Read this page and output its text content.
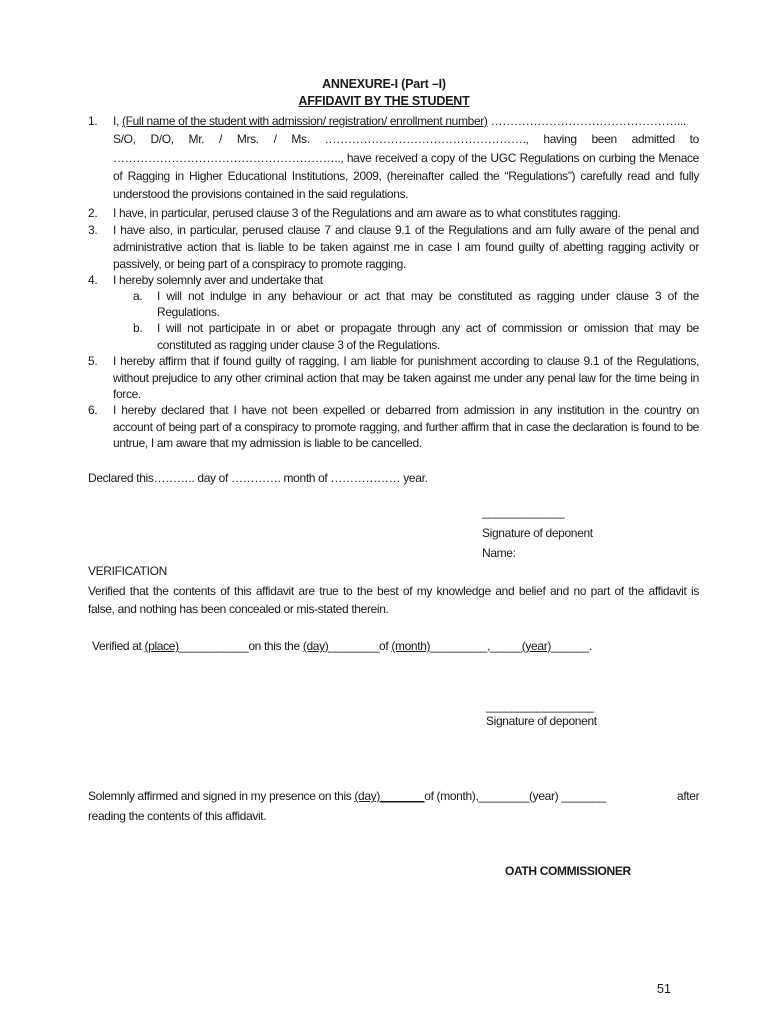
ANNEXURE-I (Part –I)
AFFIDAVIT BY THE STUDENT
1. I, (Full name of the student with admission/ registration/ enrollment number) …………………………………………...
S/O, D/O, Mr. / Mrs. / Ms. ……………………………………………., having been admitted to
………………………………………………….., have received a copy of the UGC Regulations on curbing the Menace
of Ragging in Higher Educational Institutions, 2009, (hereinafter called the “Regulations”) carefully read and fully
understood the provisions contained in the said regulations.
2. I have, in particular, perused clause 3 of the Regulations and am aware as to what constitutes ragging.
3. I have also, in particular, perused clause 7 and clause 9.1 of the Regulations and am fully aware of the penal and
administrative action that is liable to be taken against me in case I am found guilty of abetting ragging activity or
passively, or being part of a conspiracy to promote ragging.
4. I hereby solemnly aver and undertake that
a. I will not indulge in any behaviour or act that may be constituted as ragging under clause 3 of the
Regulations.
b. I will not participate in or abet or propagate through any act of commission or omission that may be
constituted as ragging under clause 3 of the Regulations.
5. I hereby affirm that if found guilty of ragging, I am liable for punishment according to clause 9.1 of the Regulations,
without prejudice to any other criminal action that may be taken against me under any penal law for the time being in
force.
6. I hereby declared that I have not been expelled or debarred from admission in any institution in the country on
account of being part of a conspiracy to promote ragging, and further affirm that in case the declaration is found to be
untrue, I am aware that my admission is liable to be cancelled.
Declared this……….. day of …………. month of ……………… year.
_____________
Signature of deponent
Name:
VERIFICATION
Verified that the contents of this affidavit are true to the best of my knowledge and belief and no part of the affidavit is
false, and nothing has been concealed or mis-stated therein.
Verified at (place)___________on this the (day)________of (month)_________,_____(year)______.
_________________
Signature of deponent
Solemnly affirmed and signed in my presence on this (day)_______of (month),________(year) _______	after
reading the contents of this affidavit.
OATH COMMISSIONER
51
